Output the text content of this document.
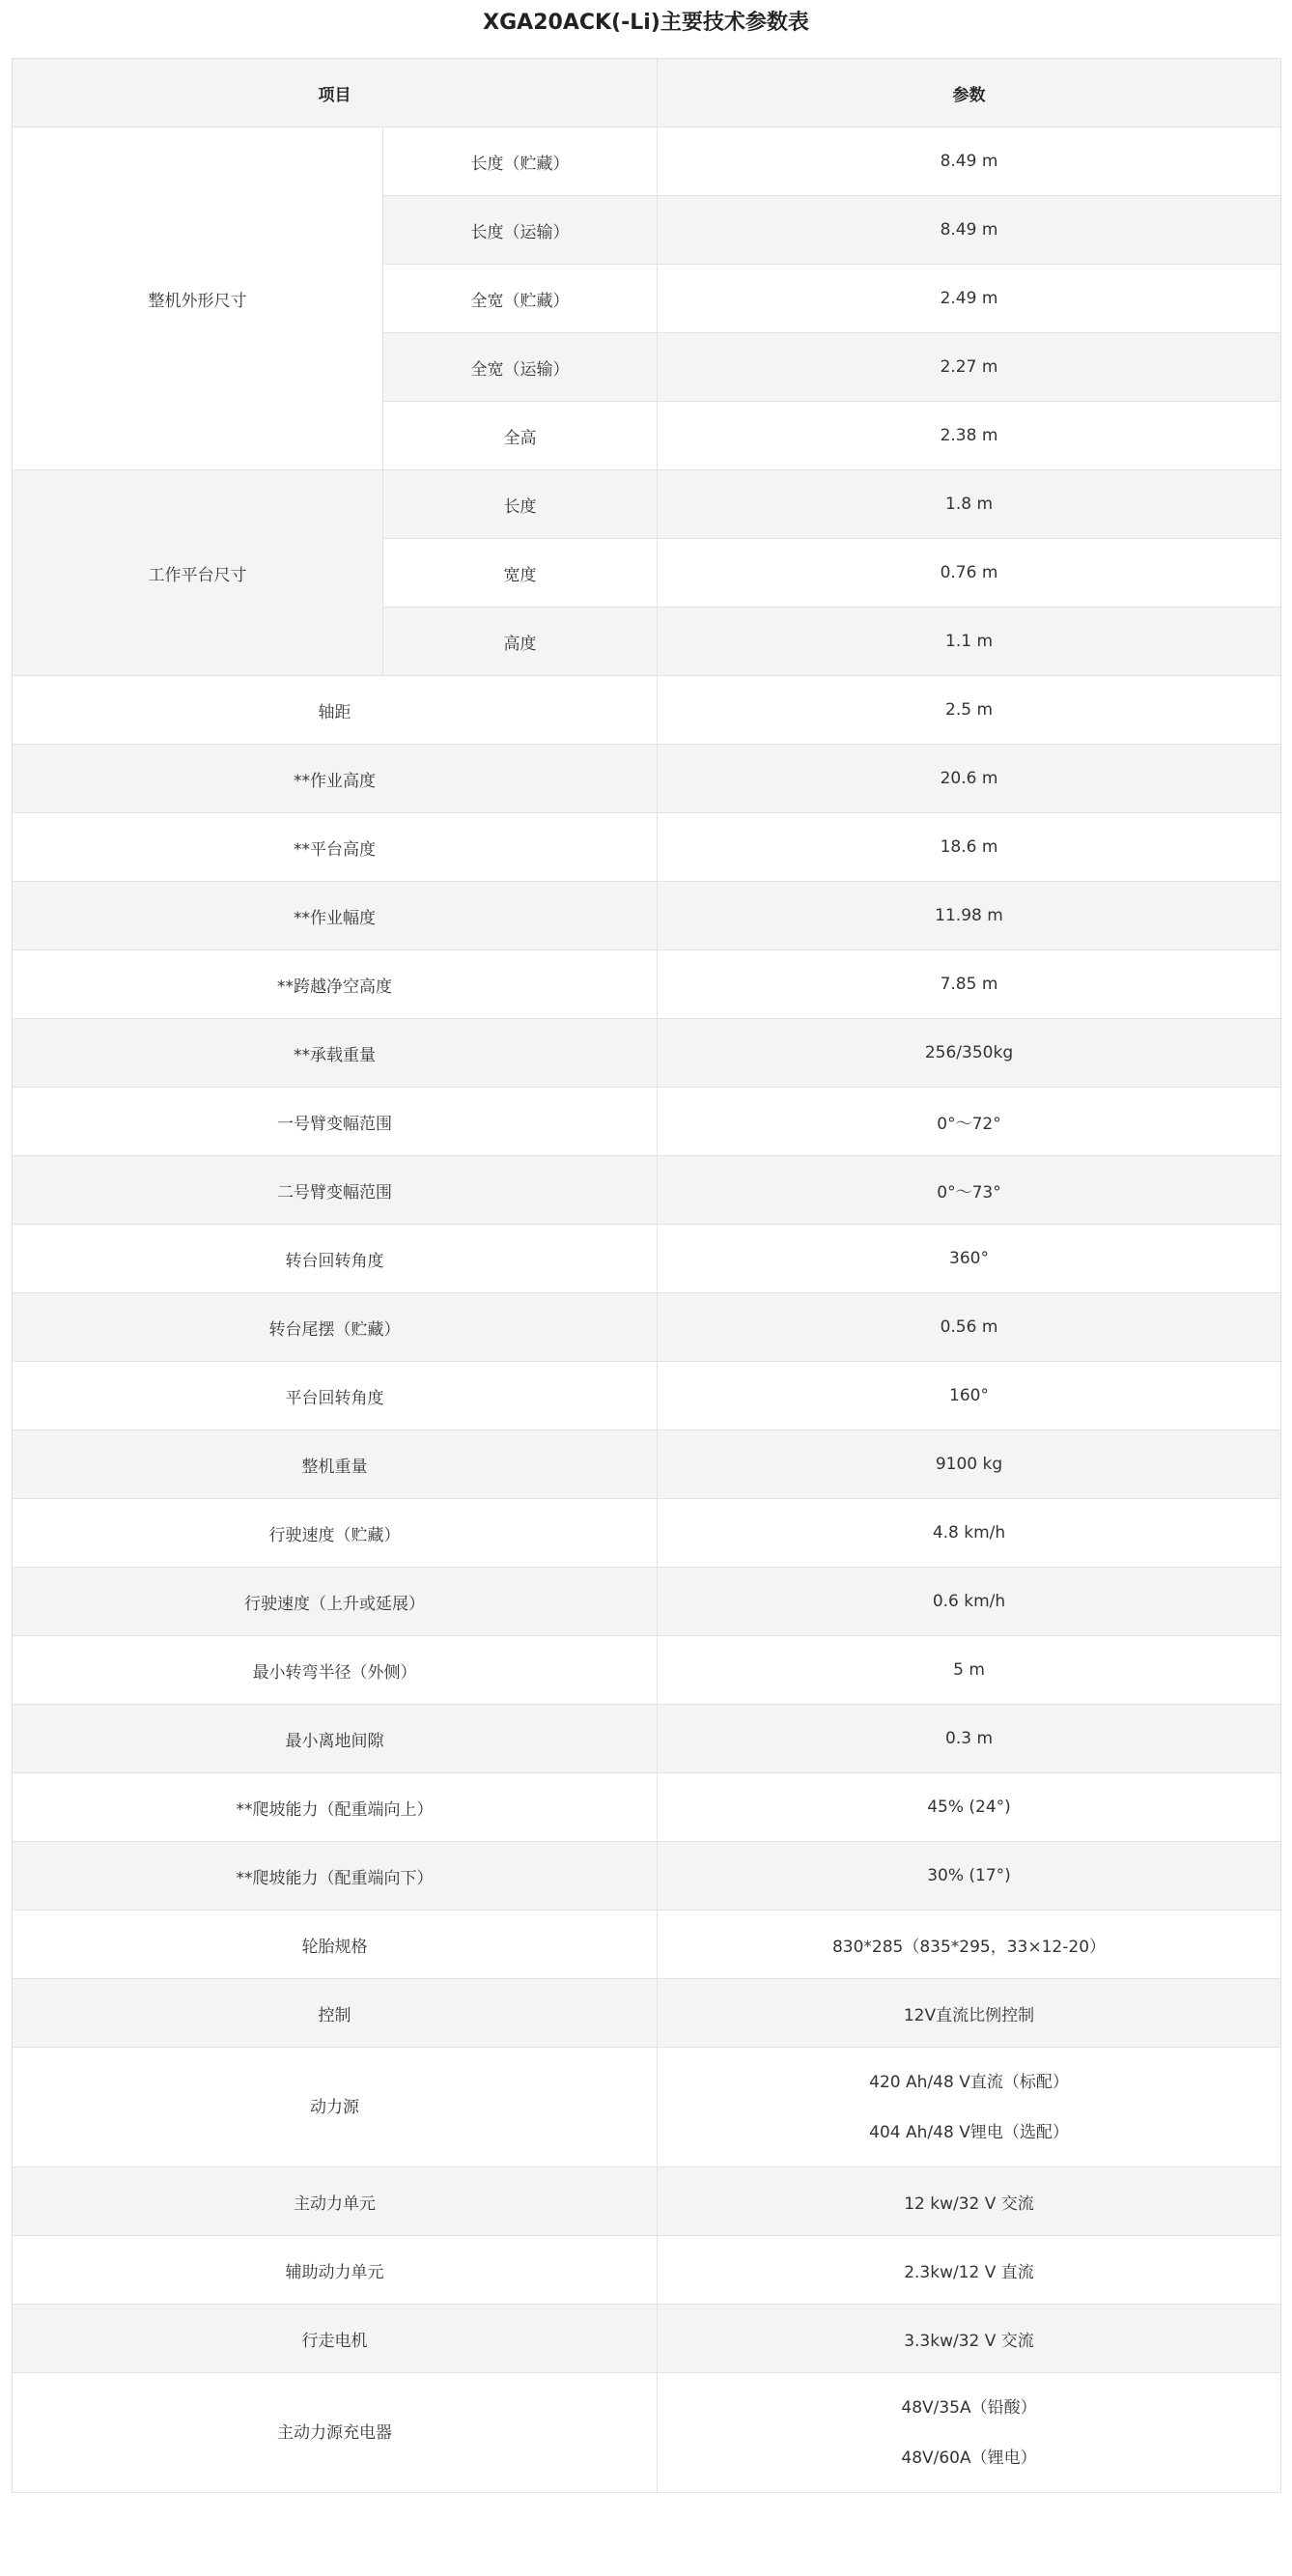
XGA20ACK(-Li)主要技术参数表
项目		参数
整机外形尺寸	长度（贮藏）	8.49 m
	长度（运输）	8.49 m
	全宽（贮藏）	2.49 m
	全宽（运输）	2.27 m
	全高	2.38 m
工作平台尺寸	长度	1.8 m
	宽度	0.76 m
	高度	1.1 m
轴距		2.5 m
**作业高度		20.6 m
**平台高度		18.6 m
**作业幅度		11.98 m
**跨越净空高度		7.85 m
**承载重量		256/350kg
一号臂变幅范围		0°～72°
二号臂变幅范围		0°～73°
转台回转角度		360°
转台尾摆（贮藏）		0.56 m
平台回转角度		160°
整机重量		9100 kg
行驶速度（贮藏）		4.8 km/h
行驶速度（上升或延展）		0.6 km/h
最小转弯半径（外侧）		5 m
最小离地间隙		0.3 m
**爬坡能力（配重端向上）		45% (24°)
**爬坡能力（配重端向下）		30% (17°)
轮胎规格		830*285（835*295，33×12-20）
控制		12V直流比例控制
动力源		420 Ah/48 V直流（标配）
404 Ah/48 V锂电（选配）

主动力单元		12 kw/32 V 交流
辅助动力单元		2.3kw/12 V 直流
行走电机		3.3kw/32 V 交流
主动力源充电器		48V/35A（铅酸）
48V/60A（锂电）
